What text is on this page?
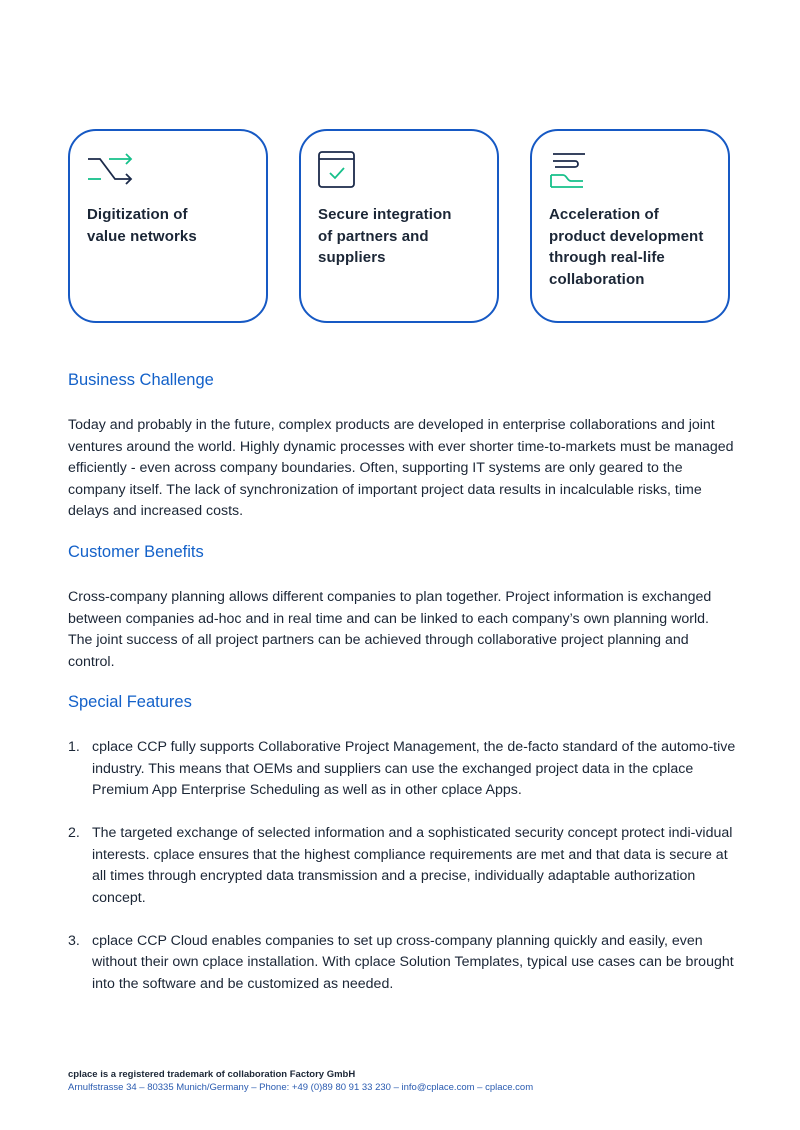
Digitization of
value networks
Secure integration
of partners and
suppliers
Acceleration of
product development
through real-life
collaboration
Business Challenge

Today and probably in the future, complex products are developed in enterprise collaborations and joint ventures around the world. Highly dynamic processes with ever shorter time-to-markets must be managed efficiently - even across company boundaries. Often, supporting IT systems are only geared to the company itself. The lack of synchronization of important project data results in incalculable risks, time delays and increased costs.

Customer Benefits

Cross-company planning allows different companies to plan together. Project information is exchanged between companies ad-hoc and in real time and can be linked to each company’s own planning world. The joint success of all project partners can be achieved through collaborative project planning and control.

Special Features
1. cplace CCP fully supports Collaborative Project Management, the de-facto standard of the automo-tive industry. This means that OEMs and suppliers can use the exchanged project data in the cplace Premium App Enterprise Scheduling as well as in other cplace Apps.
2. The targeted exchange of selected information and a sophisticated security concept protect indi-vidual interests. cplace ensures that the highest compliance requirements are met and that data is secure at all times through encrypted data transmission and a precise, individually adaptable authorization concept.
3. cplace CCP Cloud enables companies to set up cross-company planning quickly and easily, even without their own cplace installation. With cplace Solution Templates, typical use cases can be brought into the software and be customized as needed.
cplace is a registered trademark of collaboration Factory GmbH
Arnulfstrasse 34 – 80335 Munich/Germany – Phone: +49 (0)89 80 91 33 230 – info@cplace.com – cplace.com
